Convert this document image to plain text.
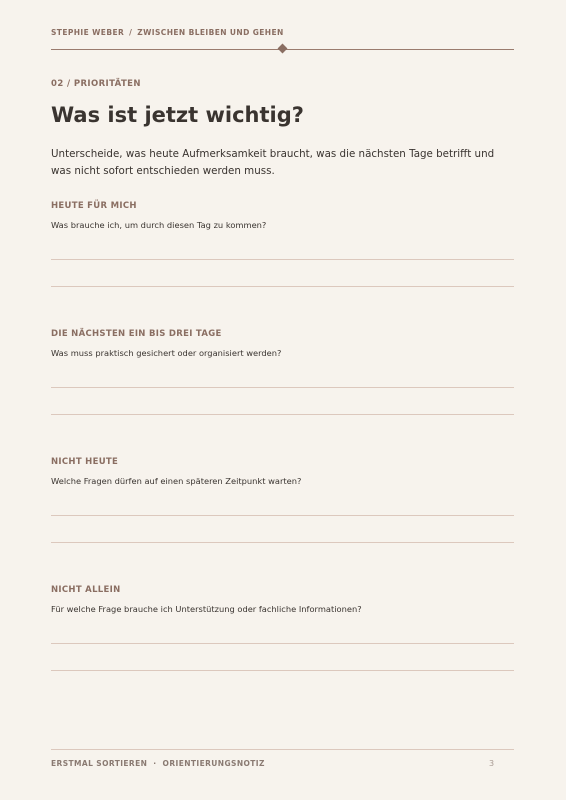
STEPHIE WEBER / ZWISCHEN BLEIBEN UND GEHEN
02 / PRIORITÄTEN
Was ist jetzt wichtig?

Unterscheide, was heute Aufmerksamkeit braucht, was die nächsten Tage betrifft und was nicht sofort entschieden werden muss.

HEUTE FÜR MICH
Was brauche ich, um durch diesen Tag zu kommen?
DIE NÄCHSTEN EIN BIS DREI TAGE
Was muss praktisch gesichert oder organisiert werden?
NICHT HEUTE
Welche Fragen dürfen auf einen späteren Zeitpunkt warten?
NICHT ALLEIN
Für welche Frage brauche ich Unterstützung oder fachliche Informationen?
ERSTMAL SORTIEREN · ORIENTIERUNGSNOTIZ	3
